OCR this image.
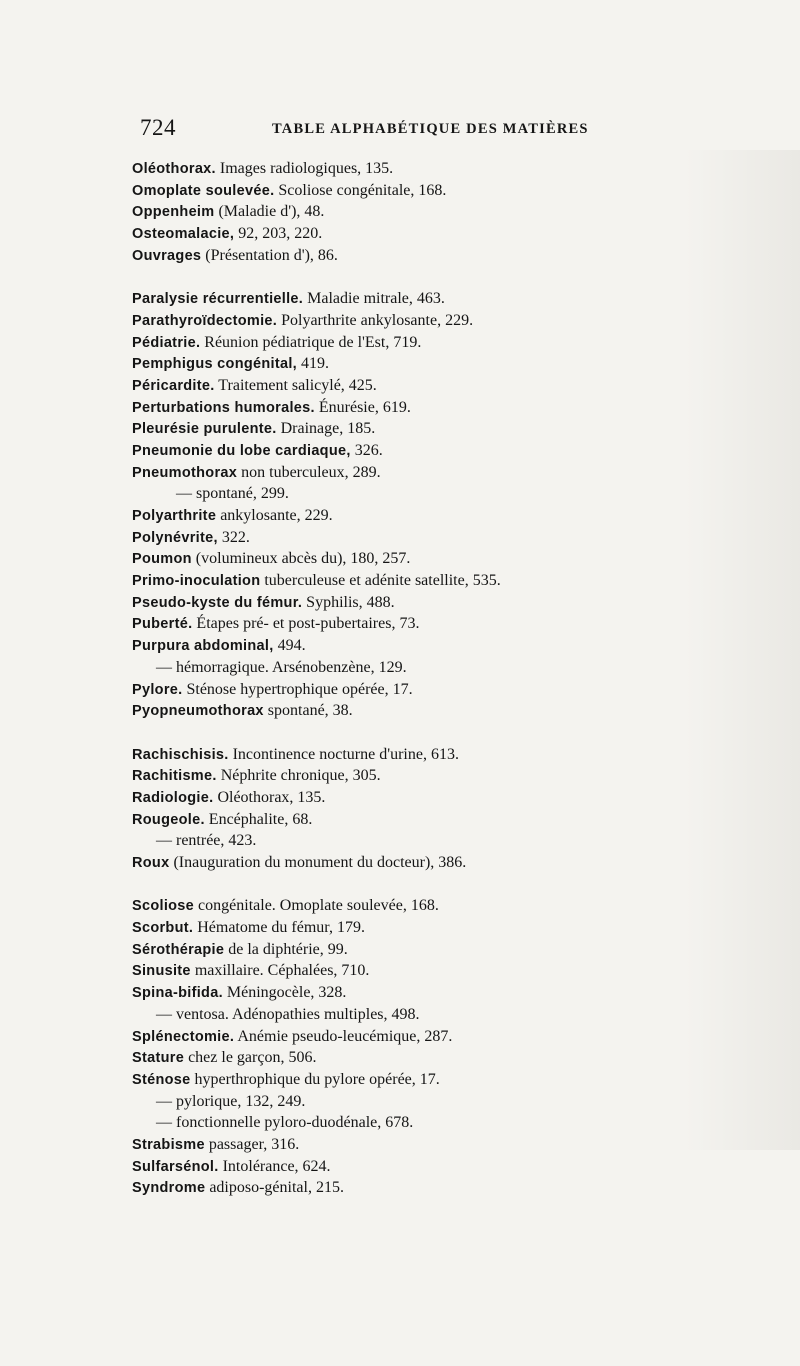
724	TABLE ALPHABÉTIQUE DES MATIÈRES
Oléothorax. Images radiologiques, 135.
Omoplate soulevée. Scoliose congénitale, 168.
Oppenheim (Maladie d'), 48.
Osteomalacie, 92, 203, 220.
Ouvrages (Présentation d'), 86.
Paralysie récurrentielle. Maladie mitrale, 463.
Parathyroïdectomie. Polyarthrite ankylosante, 229.
Pédiatrie. Réunion pédiatrique de l'Est, 719.
Pemphigus congénital, 419.
Péricardite. Traitement salicylé, 425.
Perturbations humorales. Énurésie, 619.
Pleurésie purulente. Drainage, 185.
Pneumonie du lobe cardiaque, 326.
Pneumothorax non tuberculeux, 289.
— spontané, 299.
Polyarthrite ankylosante, 229.
Polynévrite, 322.
Poumon (volumineux abcès du), 180, 257.
Primo-inoculation tuberculeuse et adénite satellite, 535.
Pseudo-kyste du fémur. Syphilis, 488.
Puberté. Étapes pré- et post-pubertaires, 73.
Purpura abdominal, 494.
— hémorragique. Arsénobenzène, 129.
Pylore. Sténose hypertrophique opérée, 17.
Pyopneumothorax spontané, 38.
Rachischisis. Incontinence nocturne d'urine, 613.
Rachitisme. Néphrite chronique, 305.
Radiologie. Oléothorax, 135.
Rougeole. Encéphalite, 68.
— rentrée, 423.
Roux (Inauguration du monument du docteur), 386.
Scoliose congénitale. Omoplate soulevée, 168.
Scorbut. Hématome du fémur, 179.
Sérothérapie de la diphtérie, 99.
Sinusite maxillaire. Céphalées, 710.
Spina-bifida. Méningocèle, 328.
— ventosa. Adénopathies multiples, 498.
Splénectomie. Anémie pseudo-leucémique, 287.
Stature chez le garçon, 506.
Sténose hyperthrophique du pylore opérée, 17.
— pylorique, 132, 249.
— fonctionnelle pyloro-duodénale, 678.
Strabisme passager, 316.
Sulfarsénol. Intolérance, 624.
Syndrome adiposo-génital, 215.
